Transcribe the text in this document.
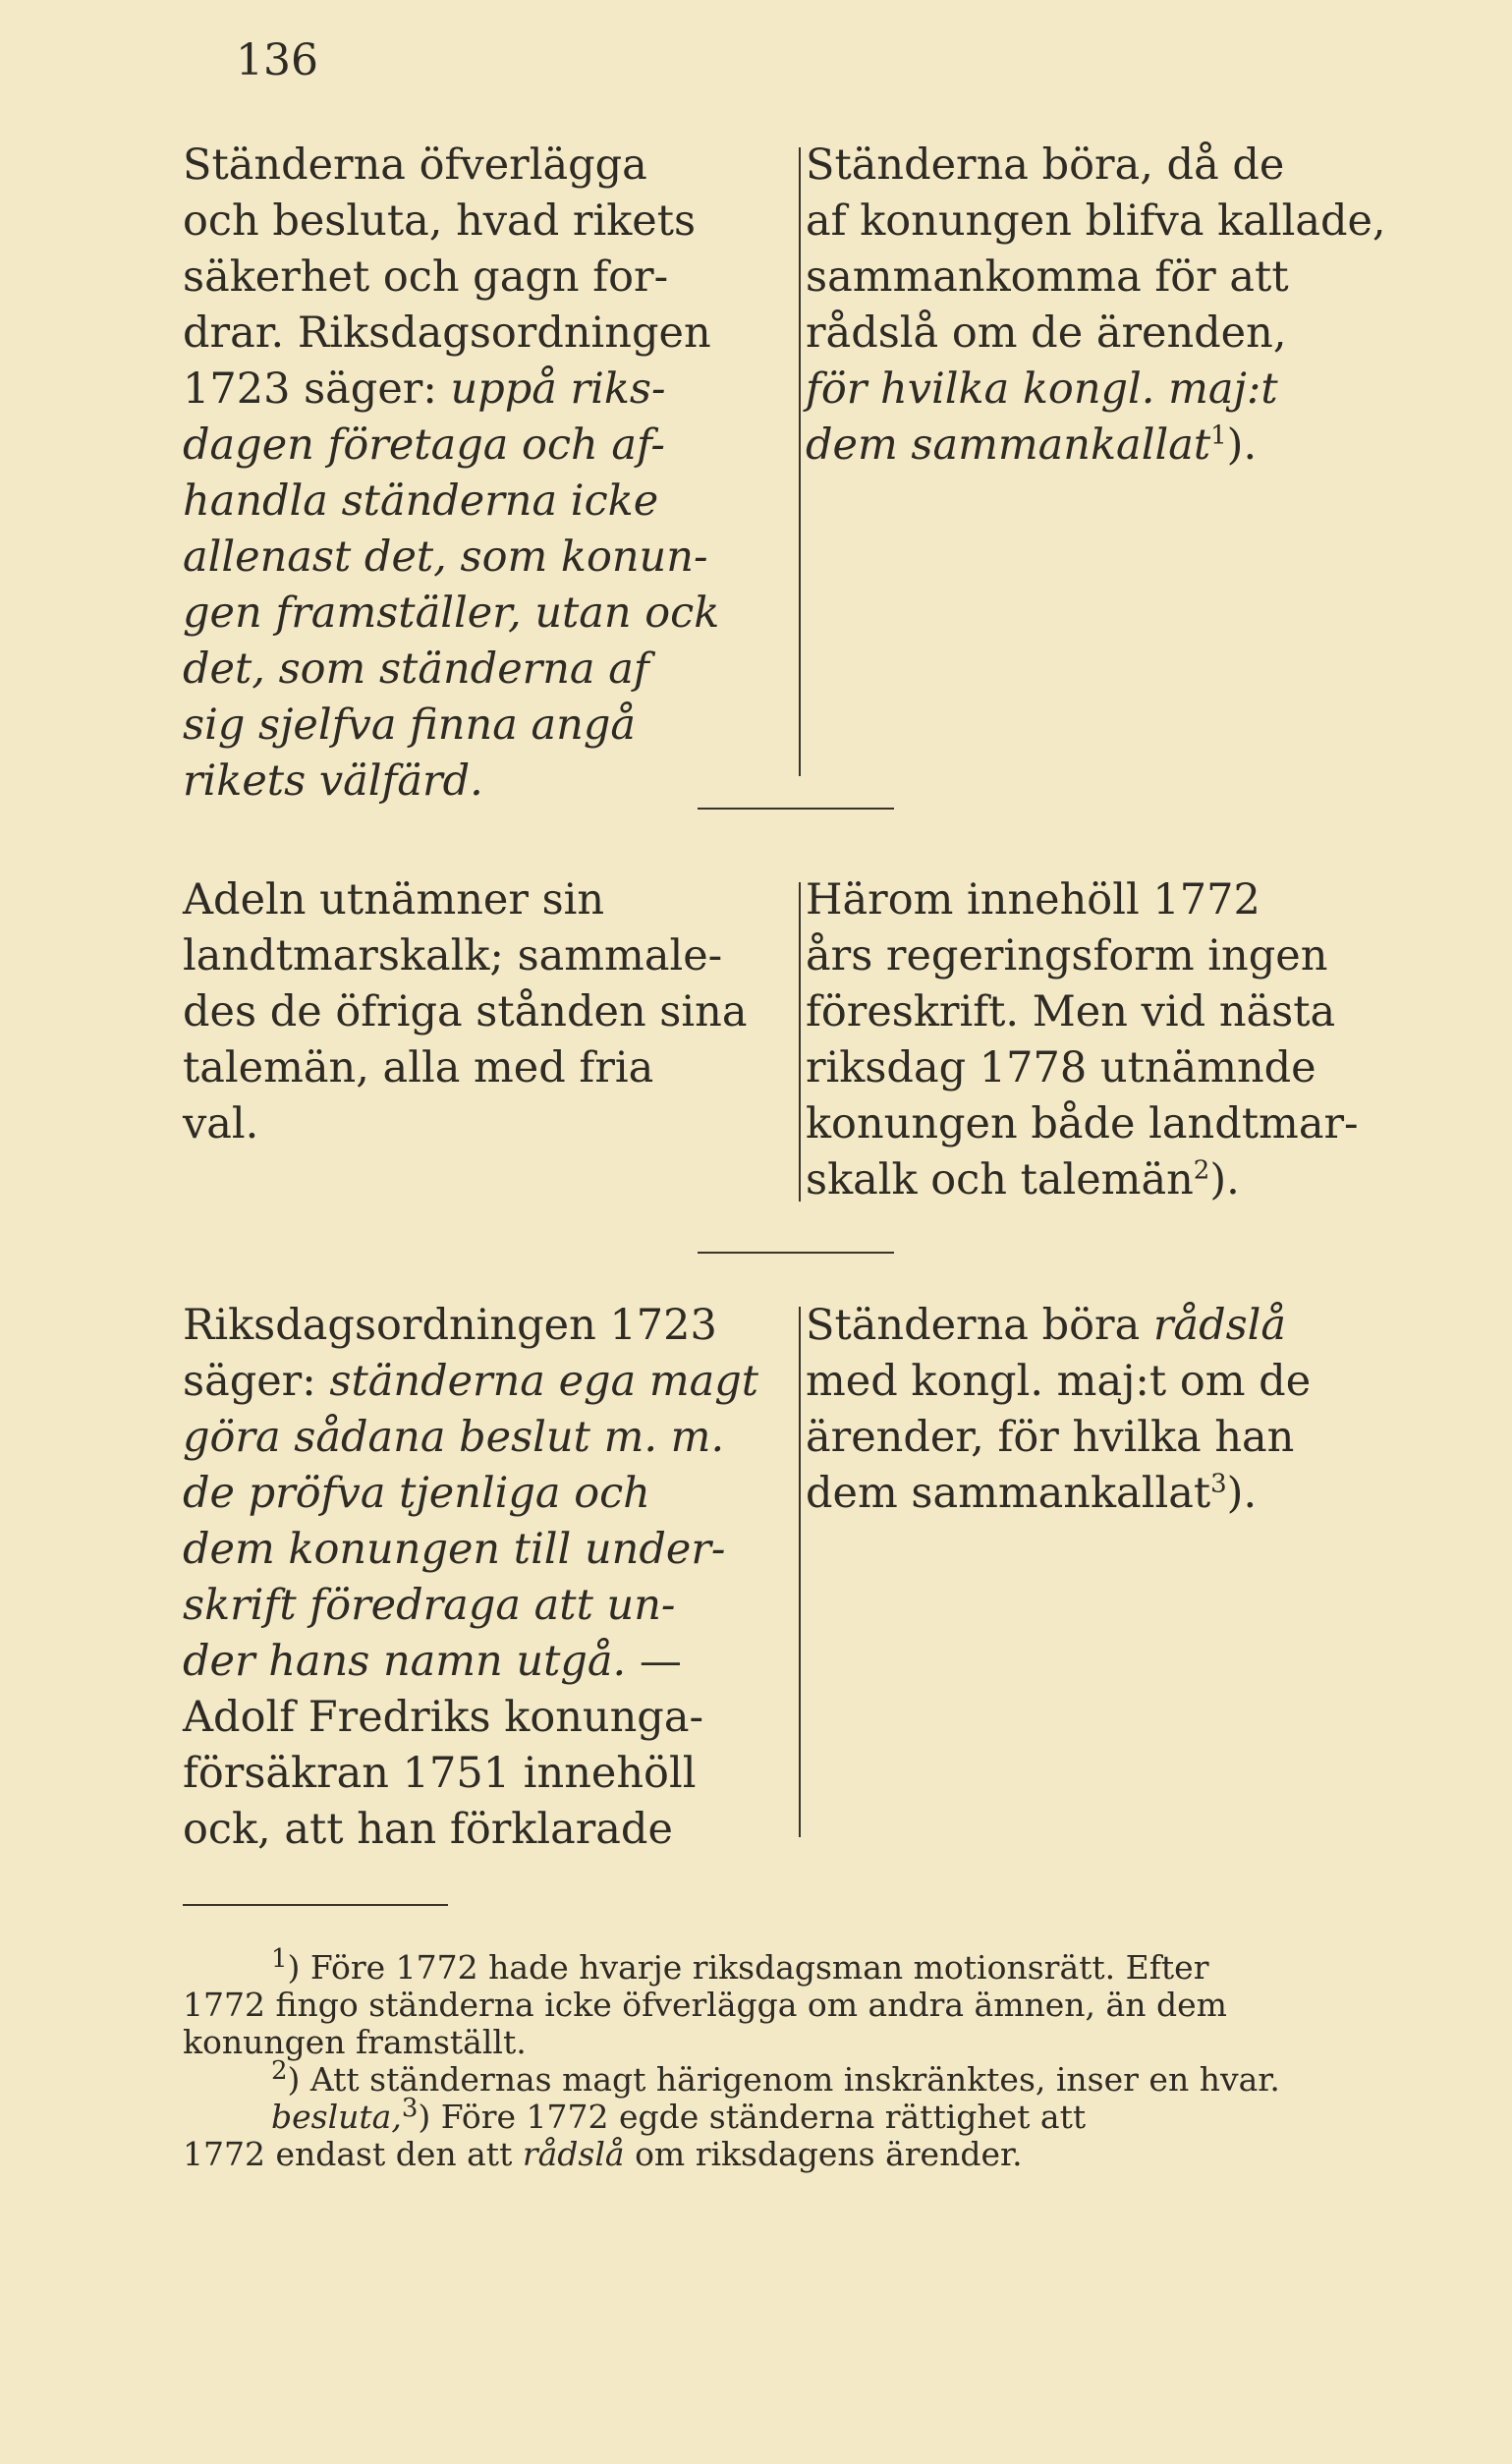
136
Ständerna öfverlägga
och besluta, hvad rikets
säkerhet och gagn for-
drar. Riksdagsordningen
1723 säger: uppå riks-
dagen företaga och af-
handla ständerna icke
allenast det, som konun-
gen framställer, utan ock
det, som ständerna af
sig sjelfva finna angå
rikets välfärd.
Ständerna böra, då de
af konungen blifva kallade,
sammankomma för att
rådslå om de ärenden,
för hvilka kongl. maj:t
dem sammankallat$^1$).
Adeln utnämner sin
landtmarskalk; sammale-
des de öfriga stånden sina
talemän, alla med fria
val.
Härom innehöll 1772
års regeringsform ingen
föreskrift. Men vid nästa
riksdag 1778 utnämnde
konungen både landtmar-
skalk och talemän$^2$).
Riksdagsordningen 1723
säger: ständerna ega magt
göra sådana beslut m. m.
de pröfva tjenliga och
dem konungen till under-
skrift föredraga att un-
der hans namn utgå. —
Adolf Fredriks konunga-
försäkran 1751 innehöll
ock, att han förklarade
Ständerna böra rådslå
med kongl. maj:t om de
ärender, för hvilka han
dem sammankallat$^3$).
$^1$) Före 1772 hade hvarje riksdagsman motionsrätt. Efter
1772 fingo ständerna icke öfverlägga om andra ämnen, än dem
konungen framställt.
$^2$) Att ständernas magt härigenom inskränktes, inser en hvar.
besluta,$^3$) Före 1772 egde ständerna rättighet att
1772 endast den att rådslå om riksdagens ärender.
